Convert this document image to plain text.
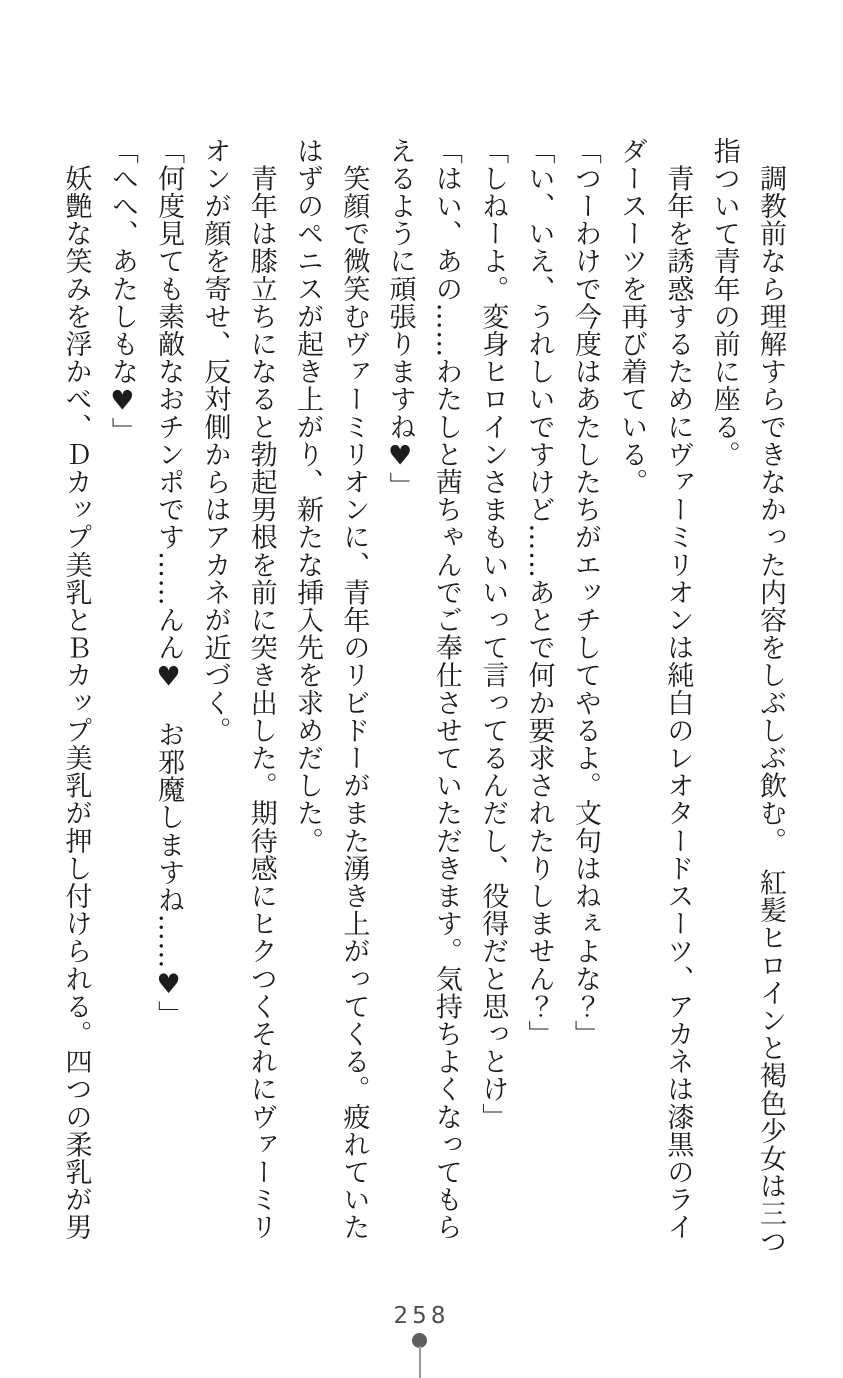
　調教前なら理解すらできなかった内容をしぶしぶ飲む。　紅髪ヒロインと褐色少女は三つ
指ついて青年の前に座る。
　青年を誘惑するためにヴァーミリオンは純白のレオタードスーツ、アカネは漆黒のライ
ダースーツを再び着ている。
「つーわけで今度はあたしたちがエッチしてやるよ。文句はねぇよな？」
「い、いえ、うれしいですけど……あとで何か要求されたりしません？」
「しねーよ。変身ヒロインさまもいいって言ってるんだし、役得だと思っとけ」
「はい、あの……わたしと茜ちゃんでご奉仕させていただきます。気持ちよくなってもら
えるように頑張りますね♥」
　笑顔で微笑むヴァーミリオンに、青年のリビドーがまた湧き上がってくる。疲れていた
はずのペニスが起き上がり、新たな挿入先を求めだした。
　青年は膝立ちになると勃起男根を前に突き出した。期待感にヒクつくそれにヴァーミリ
オンが顔を寄せ、反対側からはアカネが近づく。
「何度見ても素敵なおチンポです……んん♥　お邪魔しますね……♥」
「へへ、あたしもな♥」
　妖艶な笑みを浮かべ、Ｄカップ美乳とＢカップ美乳が押し付けられる。四つの柔乳が男
258
